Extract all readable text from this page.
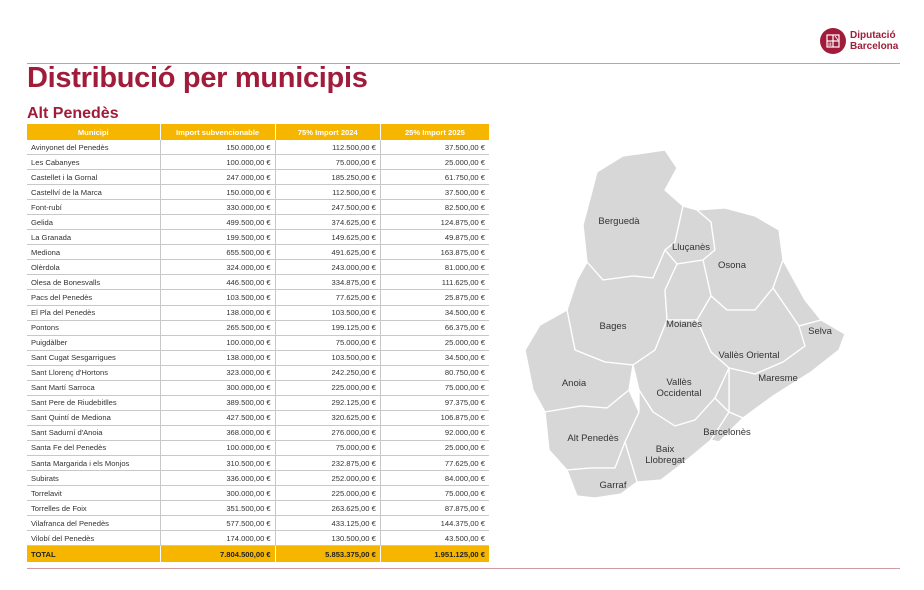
Diputació
Barcelona
Distribució per municipis
Alt Penedès
Municipi	Import subvencionable	75% Import 2024	25% Import 2025
Avinyonet del Penedès	150.000,00 €	112.500,00 €	37.500,00 €
Les Cabanyes	100.000,00 €	75.000,00 €	25.000,00 €
Castellet i la Gornal	247.000,00 €	185.250,00 €	61.750,00 €
Castellví de la Marca	150.000,00 €	112.500,00 €	37.500,00 €
Font-rubí	330.000,00 €	247.500,00 €	82.500,00 €
Gelida	499.500,00 €	374.625,00 €	124.875,00 €
La Granada	199.500,00 €	149.625,00 €	49.875,00 €
Mediona	655.500,00 €	491.625,00 €	163.875,00 €
Olèrdola	324.000,00 €	243.000,00 €	81.000,00 €
Olesa de Bonesvalls	446.500,00 €	334.875,00 €	111.625,00 €
Pacs del Penedès	103.500,00 €	77.625,00 €	25.875,00 €
El Pla del Penedès	138.000,00 €	103.500,00 €	34.500,00 €
Pontons	265.500,00 €	199.125,00 €	66.375,00 €
Puigdàlber	100.000,00 €	75.000,00 €	25.000,00 €
Sant Cugat Sesgarrigues	138.000,00 €	103.500,00 €	34.500,00 €
Sant Llorenç d'Hortons	323.000,00 €	242.250,00 €	80.750,00 €
Sant Martí Sarroca	300.000,00 €	225.000,00 €	75.000,00 €
Sant Pere de Riudebitlles	389.500,00 €	292.125,00 €	97.375,00 €
Sant Quintí de Mediona	427.500,00 €	320.625,00 €	106.875,00 €
Sant Sadurní d'Anoia	368.000,00 €	276.000,00 €	92.000,00 €
Santa Fe del Penedès	100.000,00 €	75.000,00 €	25.000,00 €
Santa Margarida i els Monjos	310.500,00 €	232.875,00 €	77.625,00 €
Subirats	336.000,00 €	252.000,00 €	84.000,00 €
Torrelavit	300.000,00 €	225.000,00 €	75.000,00 €
Torrelles de Foix	351.500,00 €	263.625,00 €	87.875,00 €
Vilafranca del Penedès	577.500,00 €	433.125,00 €	144.375,00 €
Vilobí del Penedès	174.000,00 €	130.500,00 €	43.500,00 €
TOTAL	7.804.500,00 €	5.853.375,00 €	1.951.125,00 €
Berguedà
Lluçanès
Osona
Bages	Moianès
Selva
Vallès Oriental
Anoia	Vallès
Occidental
Maresme
Alt Penedès
Baix
Llobregat
Barcelonès
Garraf
